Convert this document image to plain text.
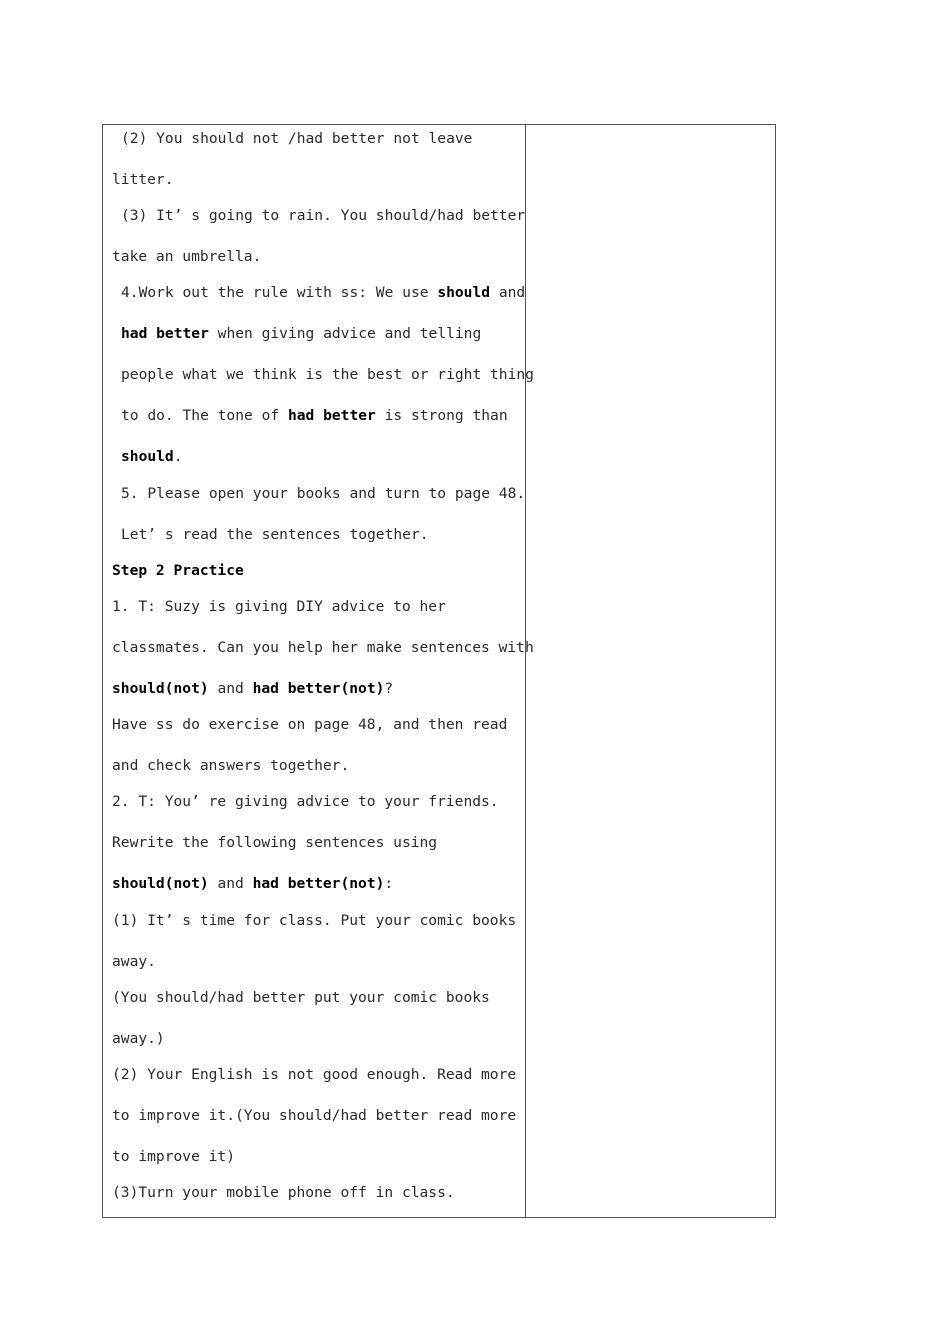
(2) You should not /had better not leave
litter.
(3) It’ s going to rain. You should/had better
take an umbrella.
4.Work out the rule with ss: We use should and
had better when giving advice and telling
people what we think is the best or right thing
to do. The tone of had better is strong than
should.
5. Please open your books and turn to page 48.
Let’ s read the sentences together.
Step 2 Practice
1. T: Suzy is giving DIY advice to her
classmates. Can you help her make sentences with
should(not) and had better(not)?
Have ss do exercise on page 48, and then read
and check answers together.
2. T: You’ re giving advice to your friends.
Rewrite the following sentences using
should(not) and had better(not):
(1) It’ s time for class. Put your comic books
away.
(You should/had better put your comic books
away.)
(2) Your English is not good enough. Read more
to improve it.(You should/had better read more
to improve it)
(3)Turn your mobile phone off in class.
